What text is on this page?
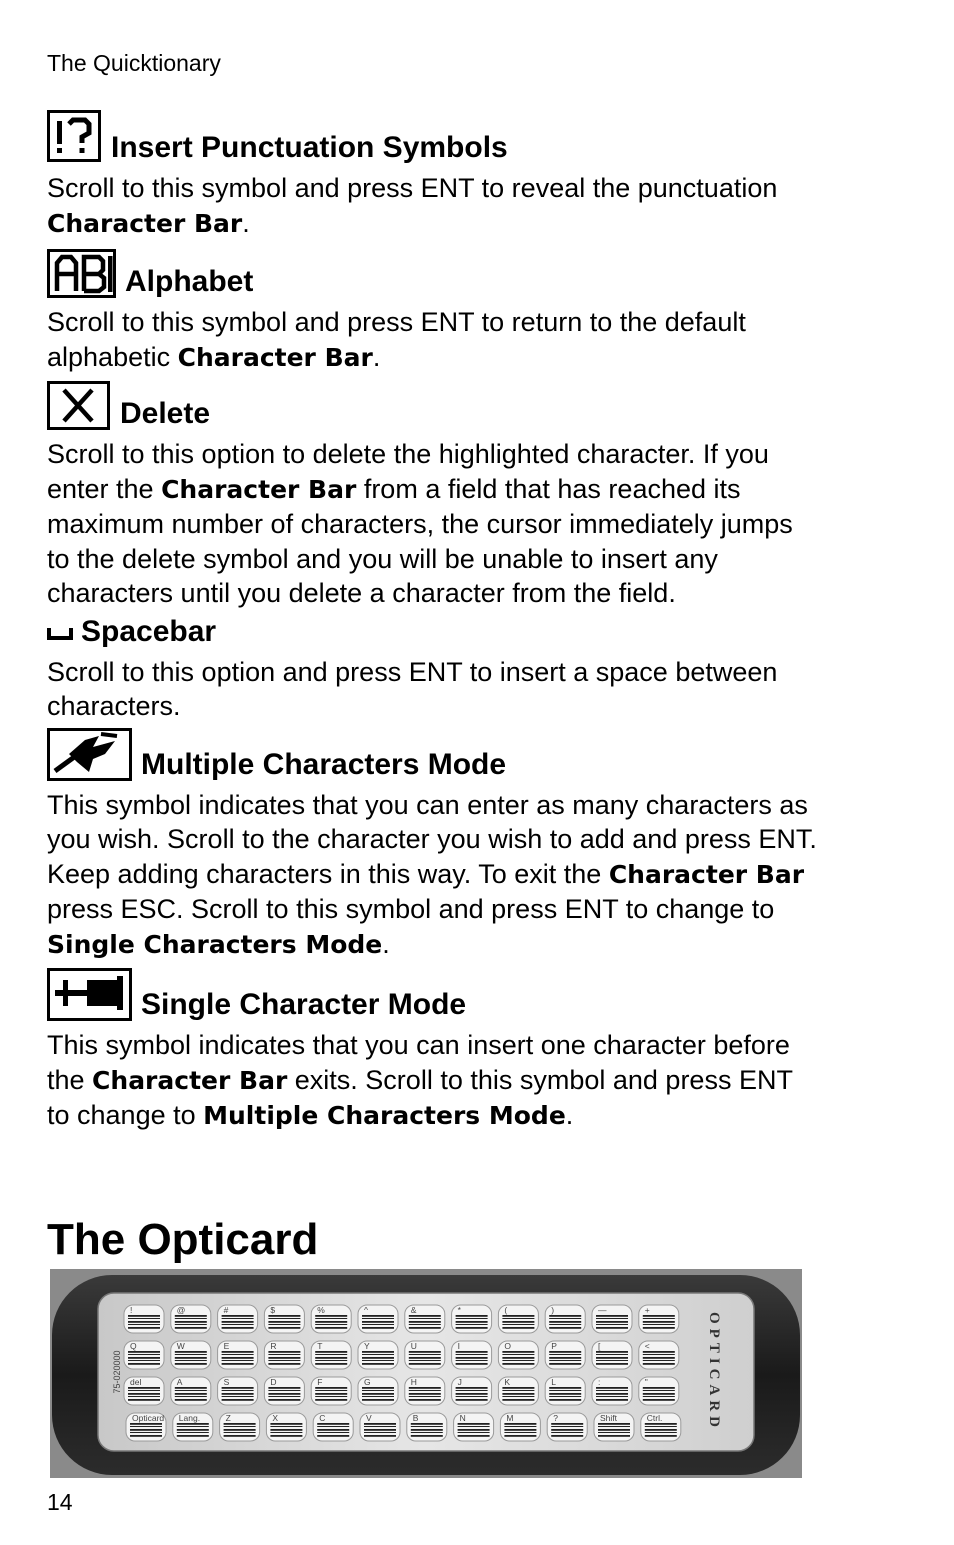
The Quicktionary
Insert Punctuation Symbols
Scroll to this symbol and press ENT to reveal the punctuation Character Bar.
Alphabet
Scroll to this symbol and press ENT to return to the default alphabetic Character Bar.
Delete
Scroll to this option to delete the highlighted character. If you enter the Character Bar from a field that has reached its maximum number of characters, the cursor immediately jumps to the delete symbol and you will be unable to insert any characters until you delete a character from the field.
Spacebar
Scroll to this option and press ENT to insert a space between characters.
Multiple Characters Mode
This symbol indicates that you can enter as many characters as you wish. Scroll to the character you wish to add and press ENT. Keep adding characters in this way. To exit the Character Bar press ESC. Scroll to this symbol and press ENT to change to Single Characters Mode.
Single Character Mode
This symbol indicates that you can insert one character before the Character Bar exits. Scroll to this symbol and press ENT to change to Multiple Characters Mode.
The Opticard
75-020000	OPTICARD
!	@	#	$	%	^	&	*	(	)	—	+
Q	W	E	R	T	Y	U	I	O	P	[	<
del	A	S	D	F	G	H	J	K	L	:	"
Opticard Lang.	Z	X	C	V	B	N	M	?	Shift	Ctrl.
14
